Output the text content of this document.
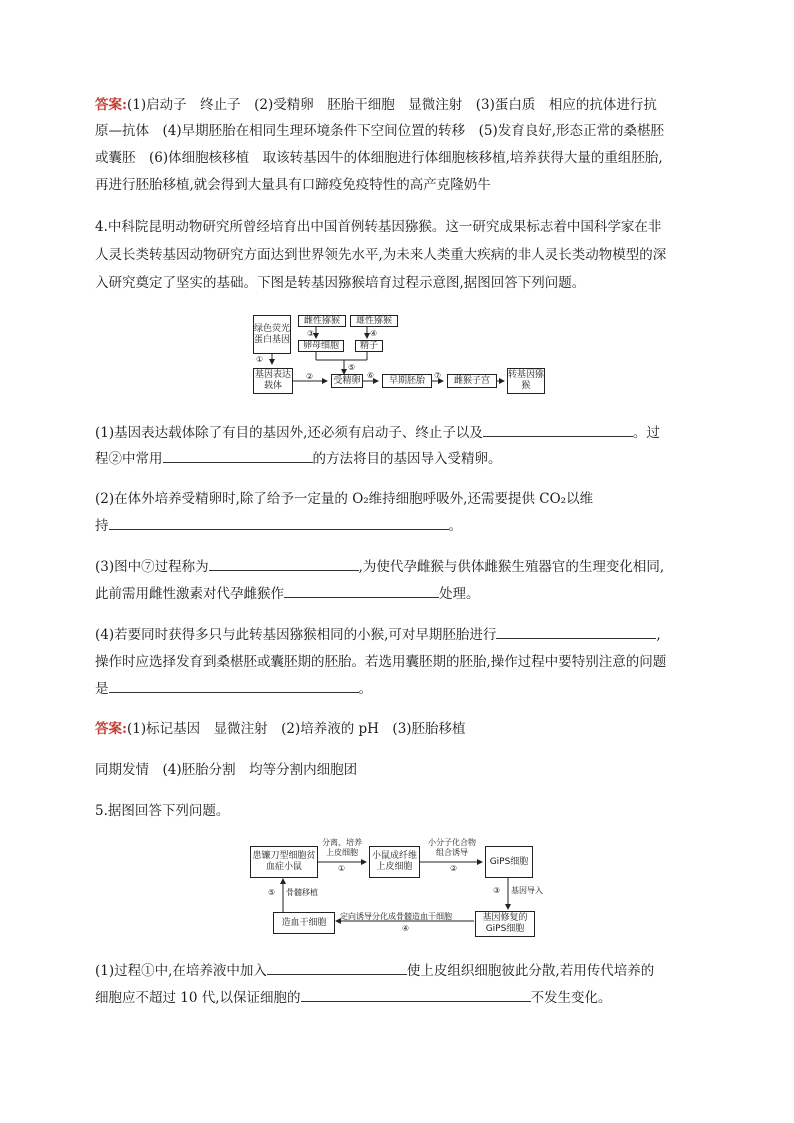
答案:(1)启动子　终止子　(2)受精卵　胚胎干细胞　显微注射　(3)蛋白质　相应的抗体进行抗

原—抗体　(4)早期胚胎在相同生理环境条件下空间位置的转移　(5)发育良好,形态正常的桑椹胚

或囊胚　(6)体细胞核移植　取该转基因牛的体细胞进行体细胞核移植,培养获得大量的重组胚胎,

再进行胚胎移植,就会得到大量具有口蹄疫免疫特性的高产克隆奶牛

4.中科院昆明动物研究所曾经培育出中国首例转基因猕猴。这一研究成果标志着中国科学家在非

人灵长类转基因动物研究方面达到世界领先水平,为未来人类重大疾病的非人灵长类动物模型的深

入研究奠定了坚实的基础。下图是转基因猕猴培育过程示意图,据图回答下列问题。

绿色荧光蛋白基因
雌性猕猴	雄性猕猴
卵母细胞	精子
基因表达载体
受精卵	早期胚胎	雌猴子宫
转基因猕猴
①
②
③	④
⑤
⑥	⑦

(1)基因表达载体除了有目的基因外,还必须有启动子、终止子以及	。过

程②中常用	的方法将目的基因导入受精卵。

(2)在体外培养受精卵时,除了给予一定量的 O₂维持细胞呼吸外,还需要提供 CO₂以维

持	。

(3)图中⑦过程称为	,为使代孕雌猴与供体雌猴生殖器官的生理变化相同,

此前需用雌性激素对代孕雌猴作	处理。

(4)若要同时获得多只与此转基因猕猴相同的小猴,可对早期胚胎进行	,

操作时应选择发育到桑椹胚或囊胚期的胚胎。若选用囊胚期的胚胎,操作过程中要特别注意的问题

是	。

答案:(1)标记基因　显微注射　(2)培养液的 pH　(3)胚胎移植

同期发情　(4)胚胎分割　均等分割内细胞团

5.据图回答下列问题。

患镰刀型细胞贫血症小鼠
小鼠成纤维上皮细胞
GiPS细胞
基因修复的GiPS细胞
造血干细胞
分离、培养上皮细胞
①
小分子化合物组合诱导
②
③ 基因导入
定向诱导分化成骨髓造血干细胞
④
骨髓移植
⑤

(1)过程①中,在培养液中加入	使上皮组织细胞彼此分散,若用传代培养的

细胞应不超过 10 代,以保证细胞的	不发生变化。
